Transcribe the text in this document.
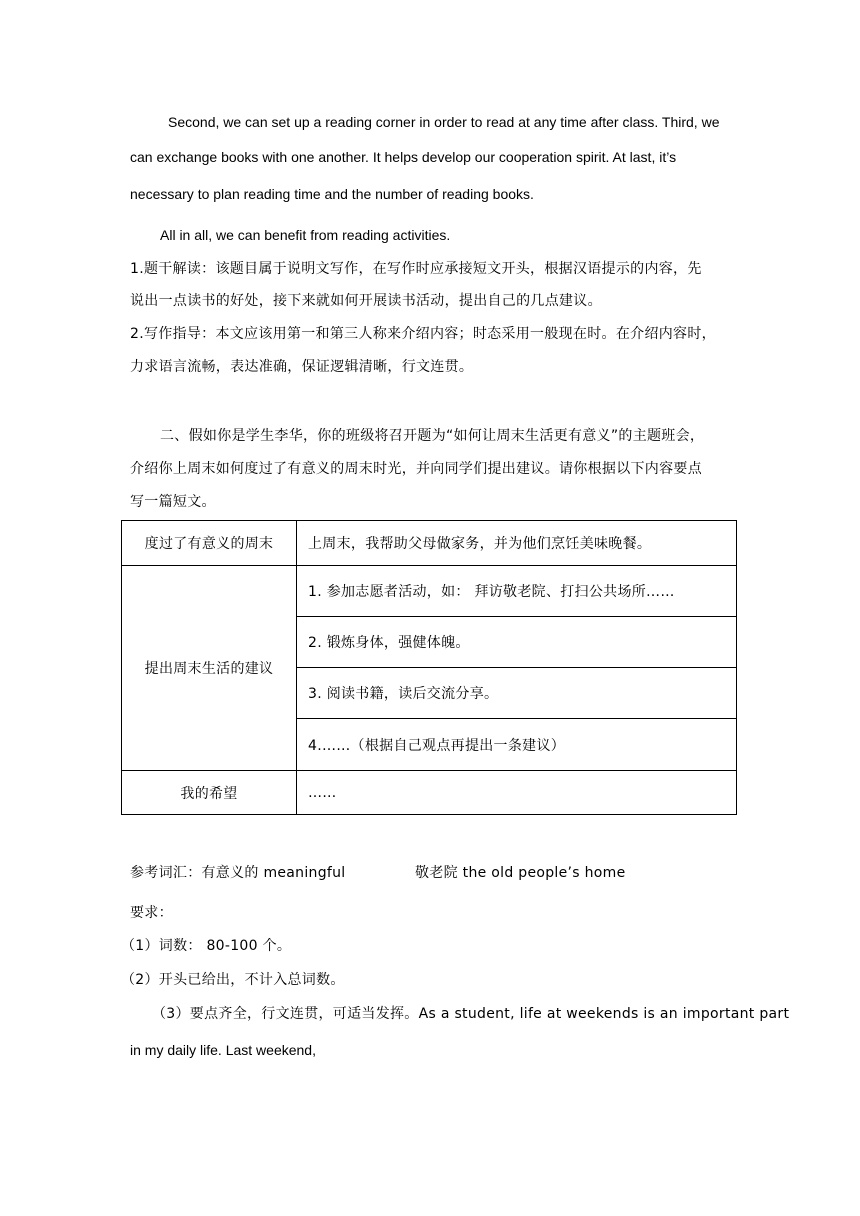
Second, we can set up a reading corner in order to read at any time after class. Third, we
can exchange books with one another. It helps develop our cooperation spirit. At last, it’s
necessary to plan reading time and the number of reading books.
All in all, we can benefit from reading activities.
1.题干解读：该题目属于说明文写作，在写作时应承接短文开头，根据汉语提示的内容，先
说出一点读书的好处，接下来就如何开展读书活动，提出自己的几点建议。
2.写作指导：本文应该用第一和第三人称来介绍内容；时态采用一般现在时。在介绍内容时，
力求语言流畅，表达准确，保证逻辑清晰，行文连贯。
二、假如你是学生李华，你的班级将召开题为“如何让周末生活更有意义”的主题班会，
介绍你上周末如何度过了有意义的周末时光，并向同学们提出建议。请你根据以下内容要点
写一篇短文。
度过了有意义的周末	上周末，我帮助父母做家务，并为他们烹饪美味晚餐。
提出周末生活的建议	1. 参加志愿者活动，如： 拜访敬老院、打扫公共场所……
	2. 锻炼身体，强健体魄。
	3. 阅读书籍，读后交流分享。
	4.……（根据自己观点再提出一条建议）
我的希望	……
参考词汇：有意义的 meaningful	敬老院 the old people’s home
要求：
（1）词数： 80-100 个。
（2）开头已给出，不计入总词数。
（3）要点齐全，行文连贯，可适当发挥。As a student, life at weekends is an important part
in my daily life. Last weekend,
